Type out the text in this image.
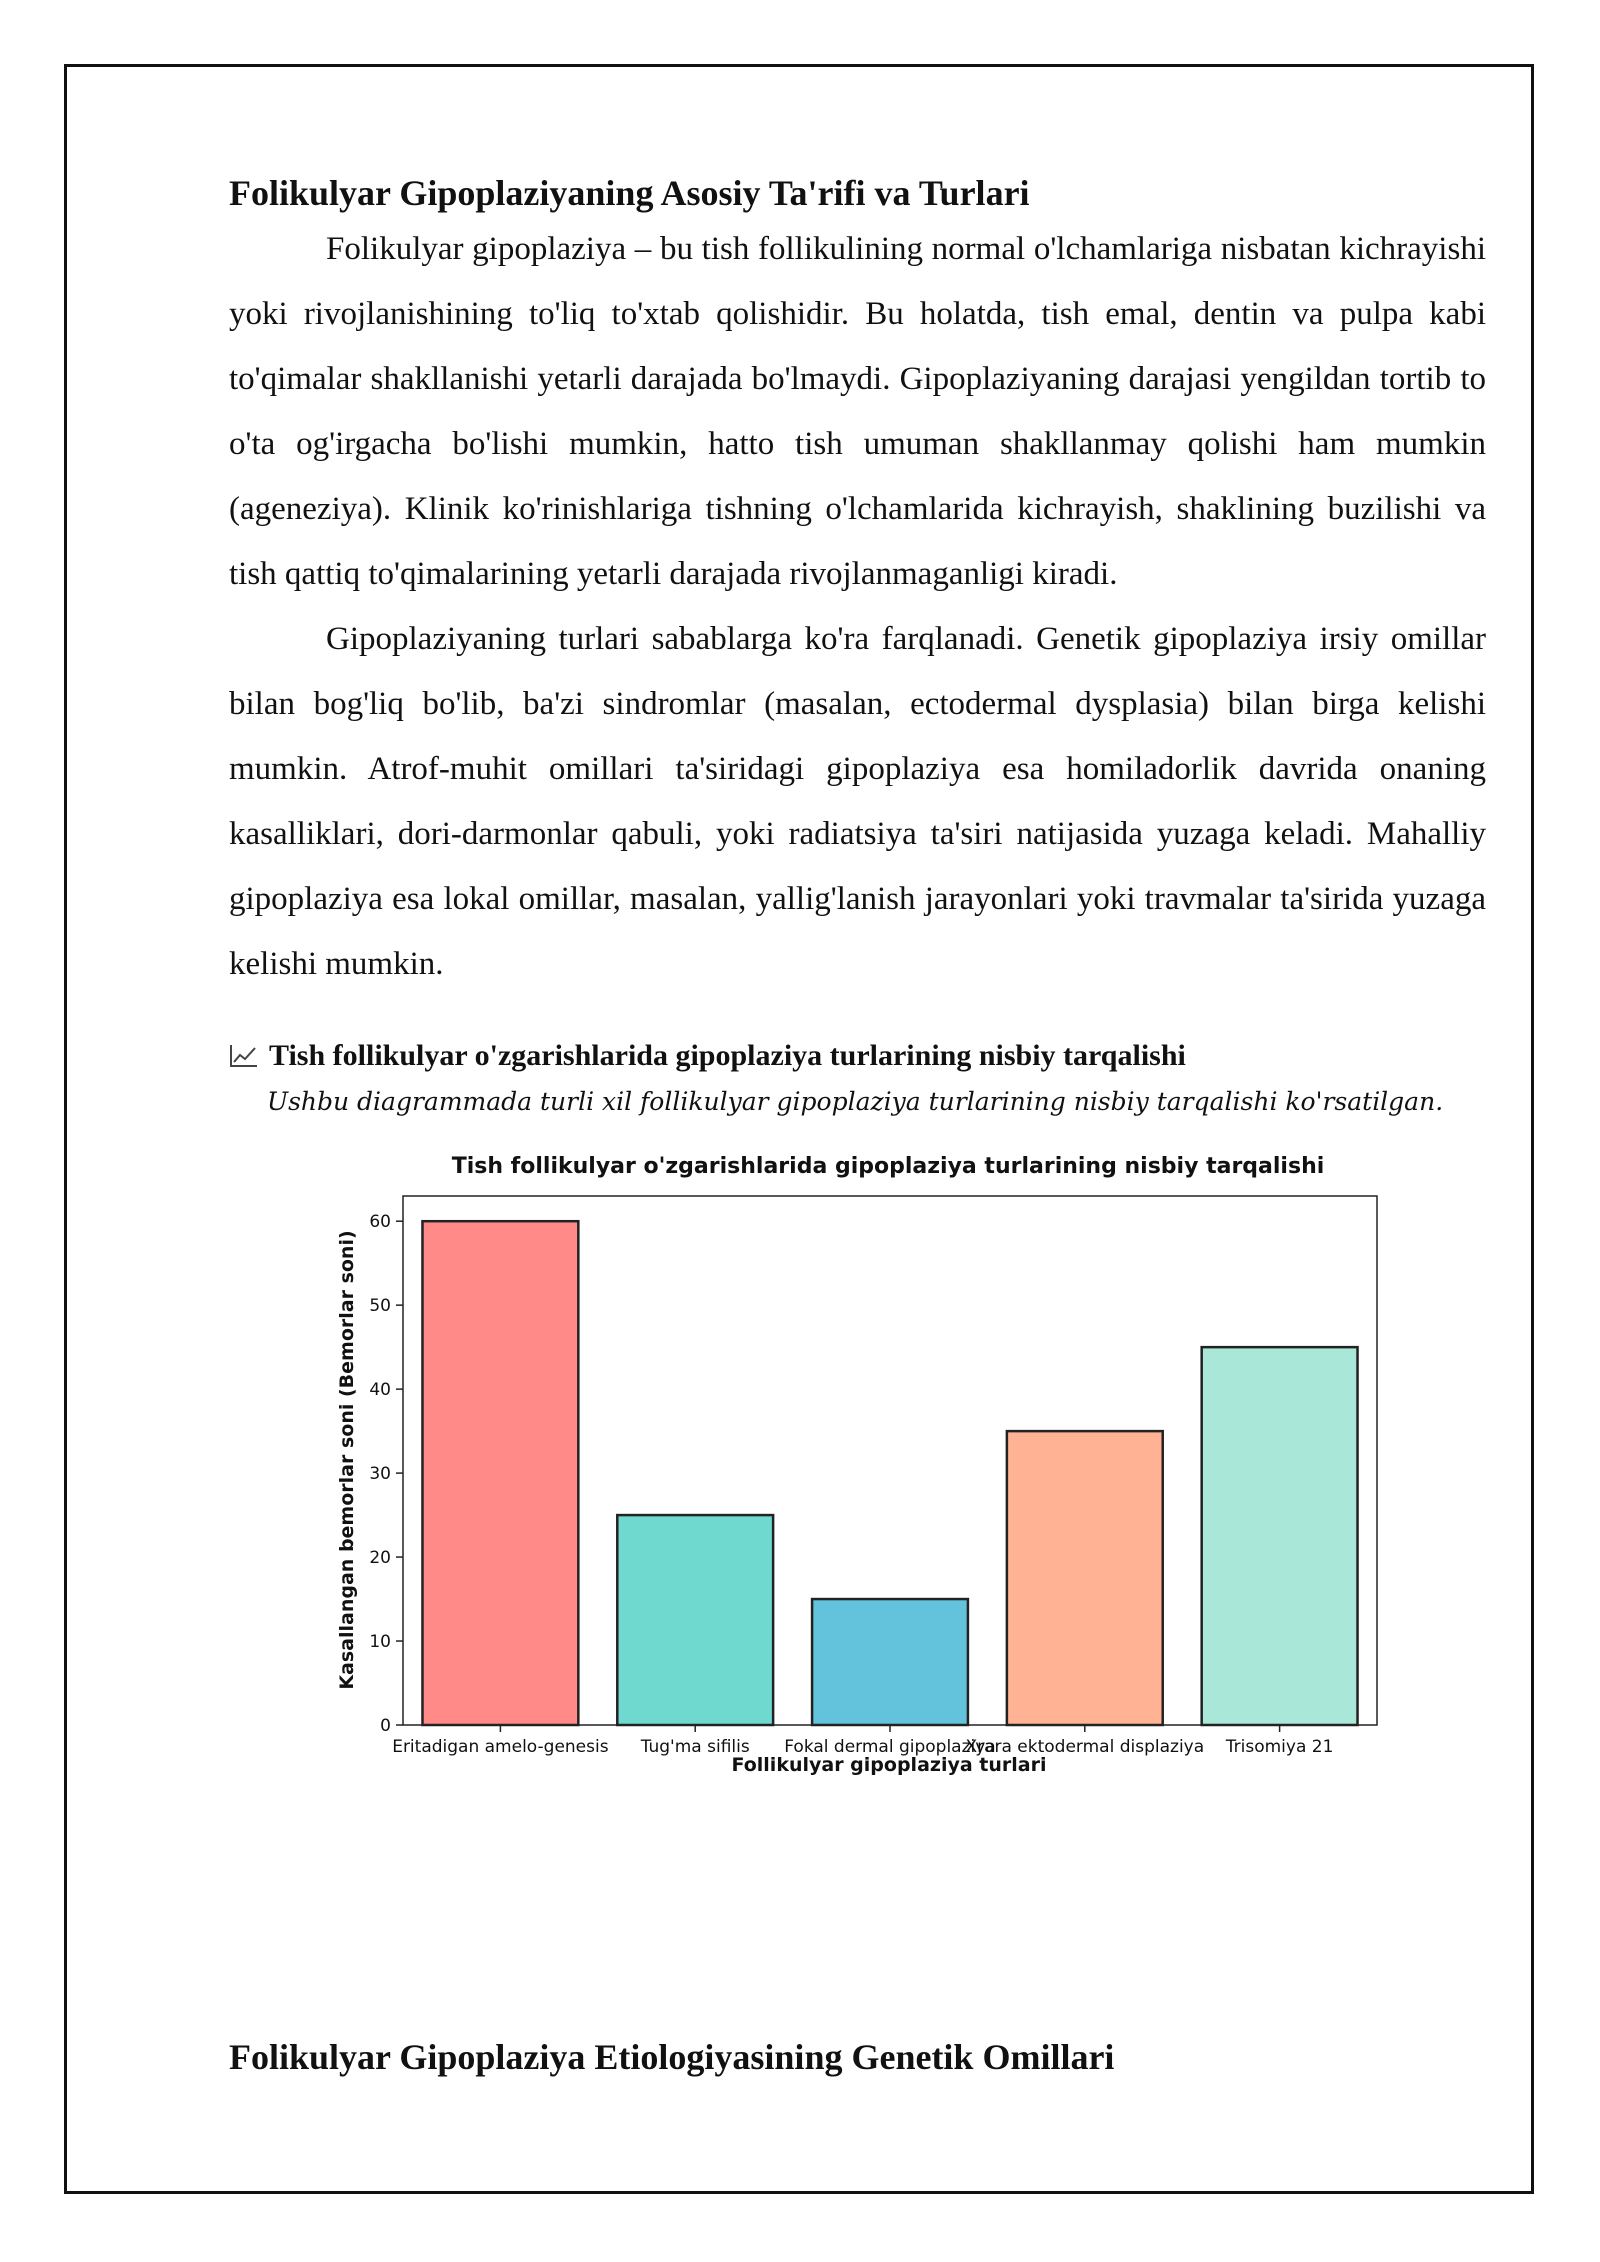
Folikulyar Gipoplaziyaning Asosiy Ta'rifi va Turlari

Folikulyar gipoplaziya – bu tish follikulining normal o'lchamlariga nisbatan kichrayishi yoki rivojlanishining to'liq to'xtab qolishidir. Bu holatda, tish emal, dentin va pulpa kabi to'qimalar shakllanishi yetarli darajada bo'lmaydi. Gipoplaziyaning darajasi yengildan tortib to o'ta og'irgacha bo'lishi mumkin, hatto tish umuman shakllanmay qolishi ham mumkin (ageneziya). Klinik ko'rinishlariga tishning o'lchamlarida kichrayish, shaklining buzilishi va tish qattiq to'qimalarining yetarli darajada rivojlanmaganligi kiradi.

Gipoplaziyaning turlari sabablarga ko'ra farqlanadi. Genetik gipoplaziya irsiy omillar bilan bog'liq bo'lib, ba'zi sindromlar (masalan, ectodermal dysplasia) bilan birga kelishi mumkin. Atrof-muhit omillari ta'siridagi gipoplaziya esa homiladorlik davrida onaning kasalliklari, dori-darmonlar qabuli, yoki radiatsiya ta'siri natijasida yuzaga keladi. Mahalliy gipoplaziya esa lokal omillar, masalan, yallig'lanish jarayonlari yoki travmalar ta'sirida yuzaga kelishi mumkin.

Tish follikulyar o'zgarishlarida gipoplaziya turlarining nisbiy tarqalishi
Ushbu diagrammada turli xil follikulyar gipoplaziya turlarining nisbiy tarqalishi ko'rsatilgan.
Tish follikulyar o'zgarishlarida gipoplaziya turlarining nisbiy tarqalishi
0
10
20
30
40
50
60
Eritadigan amelo-genesis Tug'ma sifilis Fokal dermal gipoplaziya
Xrara ektodermal displaziya Trisomiya 21
Kasallangan bemorlar soni (Bemorlar soni)
Follikulyar gipoplaziya turlari
Folikulyar Gipoplaziya Etiologiyasining Genetik Omillari
